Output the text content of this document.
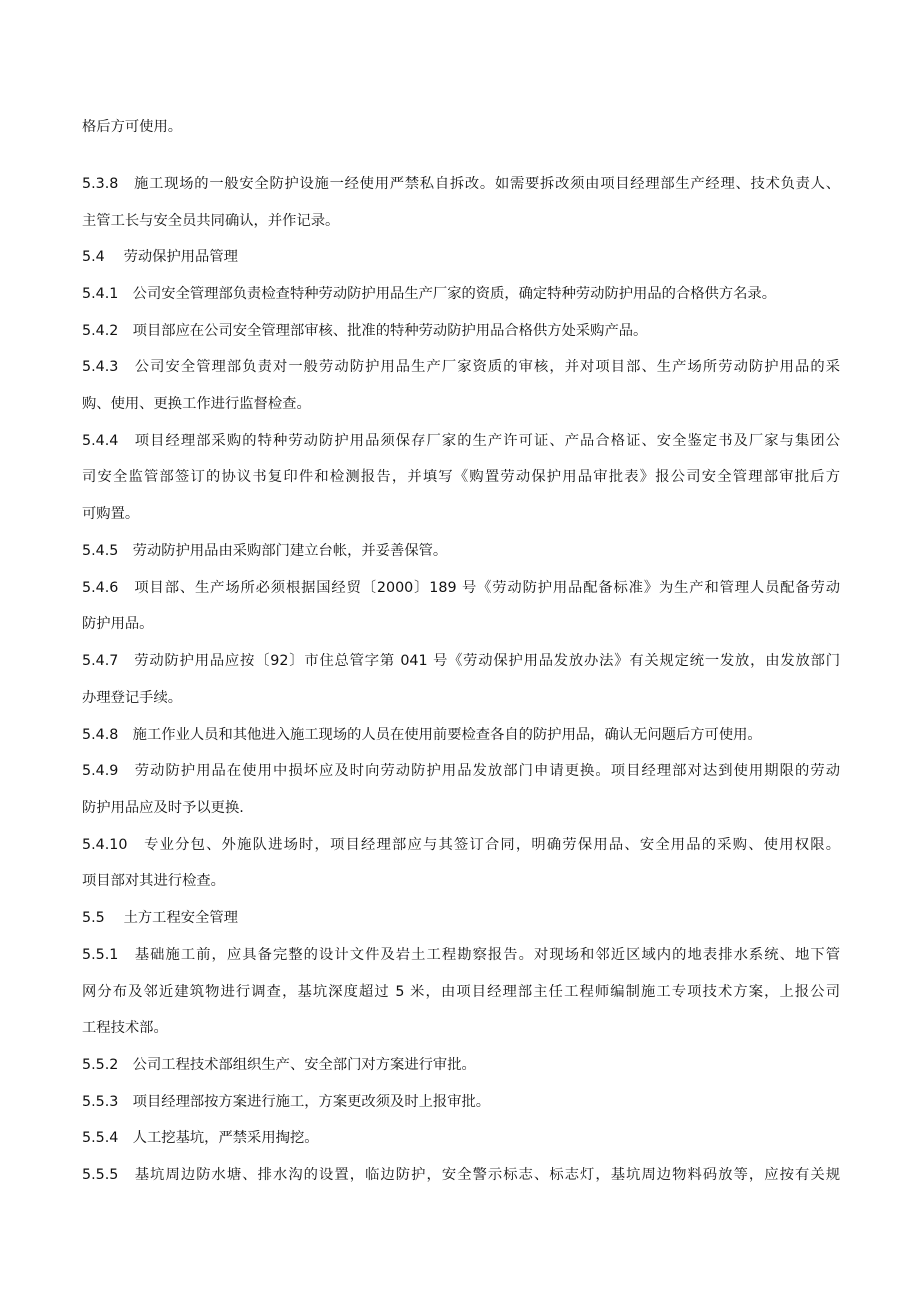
格后方可使用。
5.3.8　施工现场的一般安全防护设施一经使用严禁私自拆改。如需要拆改须由项目经理部生产经理、技术负责人、
主管工长与安全员共同确认，并作记录。
5.4　 劳动保护用品管理
5.4.1　公司安全管理部负责检查特种劳动防护用品生产厂家的资质，确定特种劳动防护用品的合格供方名录。
5.4.2　项目部应在公司安全管理部审核、批准的特种劳动防护用品合格供方处采购产品。
5.4.3　公司安全管理部负责对一般劳动防护用品生产厂家资质的审核，并对项目部、生产场所劳动防护用品的采
购、使用、更换工作进行监督检查。
5.4.4　项目经理部采购的特种劳动防护用品须保存厂家的生产许可证、产品合格证、安全鉴定书及厂家与集团公
司安全监管部签订的协议书复印件和检测报告，并填写《购置劳动保护用品审批表》报公司安全管理部审批后方
可购置。
5.4.5　劳动防护用品由采购部门建立台帐，并妥善保管。
5.4.6　项目部、生产场所必须根据国经贸〔2000〕189 号《劳动防护用品配备标准》为生产和管理人员配备劳动
防护用品。
5.4.7　劳动防护用品应按〔92〕市住总管字第 041 号《劳动保护用品发放办法》有关规定统一发放，由发放部门
办理登记手续。
5.4.8　施工作业人员和其他进入施工现场的人员在使用前要检查各自的防护用品，确认无问题后方可使用。
5.4.9　劳动防护用品在使用中损坏应及时向劳动防护用品发放部门申请更换。项目经理部对达到使用期限的劳动
防护用品应及时予以更换.
5.4.10　专业分包、外施队进场时，项目经理部应与其签订合同，明确劳保用品、安全用品的采购、使用权限。
项目部对其进行检查。
5.5　 土方工程安全管理
5.5.1　基础施工前，应具备完整的设计文件及岩土工程勘察报告。对现场和邻近区域内的地表排水系统、地下管
网分布及邻近建筑物进行调查，基坑深度超过 5 米，由项目经理部主任工程师编制施工专项技术方案，上报公司
工程技术部。
5.5.2　公司工程技术部组织生产、安全部门对方案进行审批。
5.5.3　项目经理部按方案进行施工，方案更改须及时上报审批。
5.5.4　人工挖基坑，严禁采用掏挖。
5.5.5　基坑周边防水塘、排水沟的设置，临边防护，安全警示标志、标志灯，基坑周边物料码放等，应按有关规
